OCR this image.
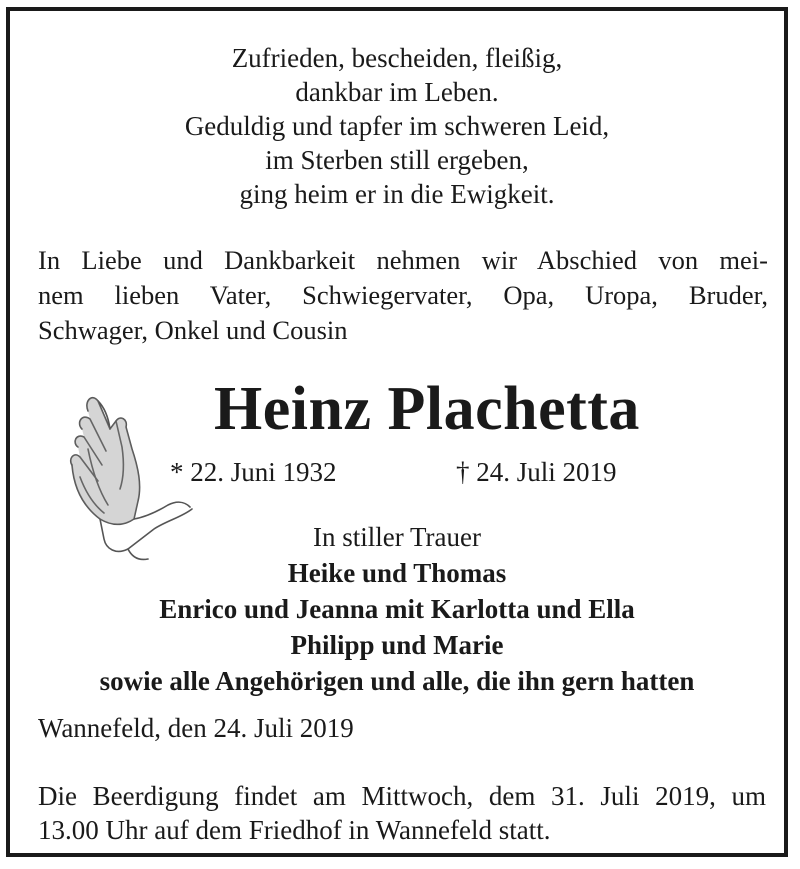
Zufrieden, bescheiden, fleißig,
dankbar im Leben.
Geduldig und tapfer im schweren Leid,
im Sterben still ergeben,
ging heim er in die Ewigkeit.
In Liebe und Dankbarkeit nehmen wir Abschied von mei-
nem lieben Vater, Schwiegervater, Opa, Uropa, Bruder,
Schwager, Onkel und Cousin
Heinz Plachetta
* 22. Juni 1932	† 24. Juli 2019
In stiller Trauer
Heike und Thomas
Enrico und Jeanna mit Karlotta und Ella
Philipp und Marie
sowie alle Angehörigen und alle, die ihn gern hatten
Wannefeld, den 24. Juli 2019
Die Beerdigung findet am Mittwoch, dem 31. Juli 2019, um
13.00 Uhr auf dem Friedhof in Wannefeld statt.
